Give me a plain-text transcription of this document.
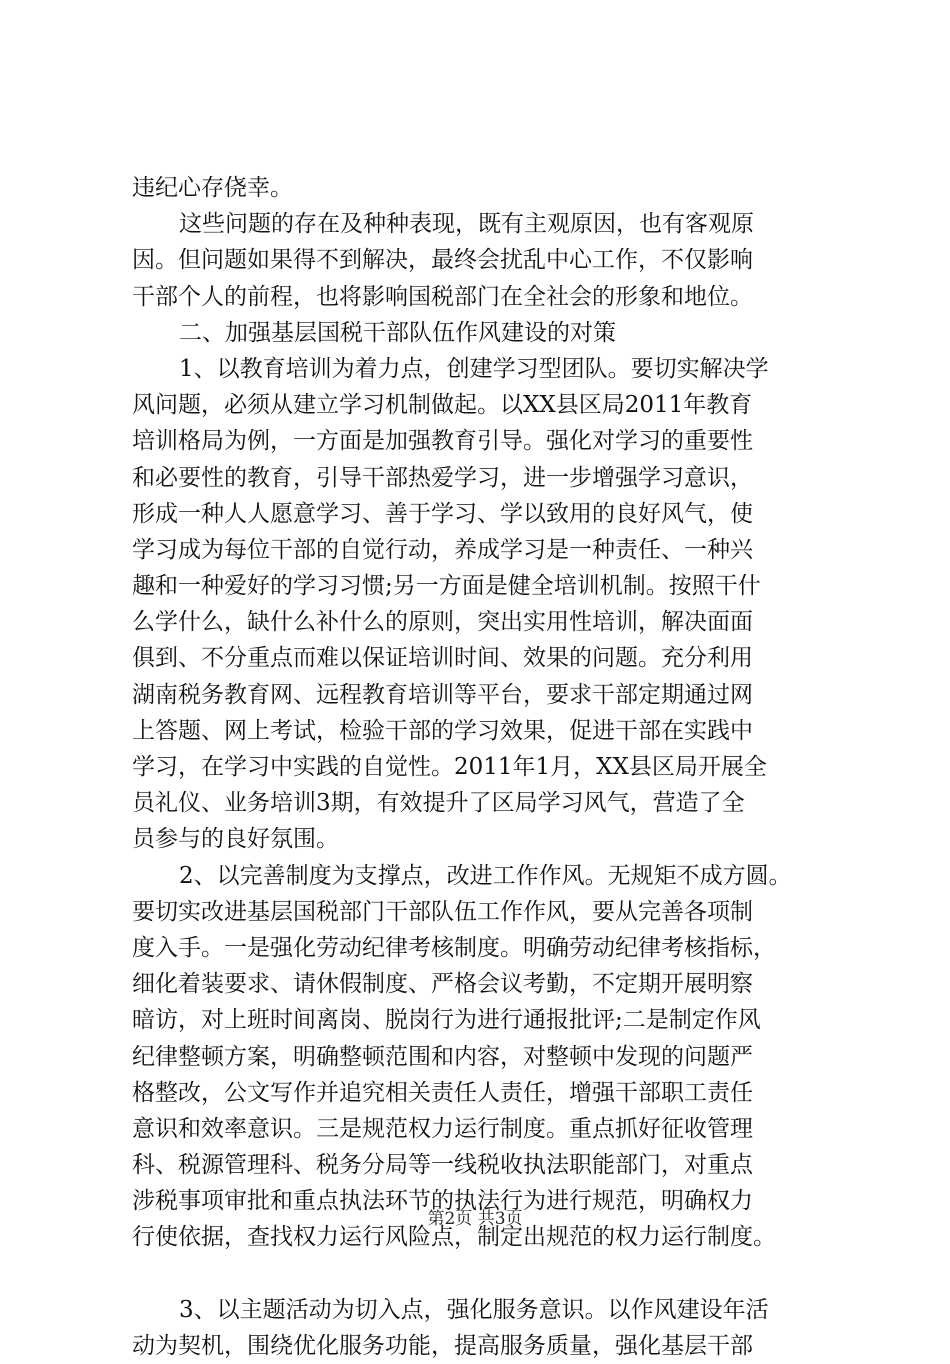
违纪心存侥幸。
这些问题的存在及种种表现，既有主观原因，也有客观原
因。但问题如果得不到解决，最终会扰乱中心工作，不仅影响
干部个人的前程，也将影响国税部门在全社会的形象和地位。
二、加强基层国税干部队伍作风建设的对策
1、以教育培训为着力点，创建学习型团队。要切实解决学
风问题，必须从建立学习机制做起。以XX县区局2011年教育
培训格局为例，一方面是加强教育引导。强化对学习的重要性
和必要性的教育，引导干部热爱学习，进一步增强学习意识，
形成一种人人愿意学习、善于学习、学以致用的良好风气，使
学习成为每位干部的自觉行动，养成学习是一种责任、一种兴
趣和一种爱好的学习习惯;另一方面是健全培训机制。按照干什
么学什么，缺什么补什么的原则，突出实用性培训，解决面面
俱到、不分重点而难以保证培训时间、效果的问题。充分利用
湖南税务教育网、远程教育培训等平台，要求干部定期通过网
上答题、网上考试，检验干部的学习效果，促进干部在实践中
学习，在学习中实践的自觉性。2011年1月，XX县区局开展全
员礼仪、业务培训3期，有效提升了区局学习风气，营造了全
员参与的良好氛围。
2、以完善制度为支撑点，改进工作作风。无规矩不成方圆。
要切实改进基层国税部门干部队伍工作作风，要从完善各项制
度入手。一是强化劳动纪律考核制度。明确劳动纪律考核指标，
细化着装要求、请休假制度、严格会议考勤，不定期开展明察
暗访，对上班时间离岗、脱岗行为进行通报批评;二是制定作风
纪律整顿方案，明确整顿范围和内容，对整顿中发现的问题严
格整改，公文写作并追究相关责任人责任，增强干部职工责任
意识和效率意识。三是规范权力运行制度。重点抓好征收管理
科、税源管理科、税务分局等一线税收执法职能部门，对重点
涉税事项审批和重点执法环节的执法行为进行规范，明确权力
行使依据，查找权力运行风险点，制定出规范的权力运行制度。
3、以主题活动为切入点，强化服务意识。以作风建设年活
动为契机，围绕优化服务功能，提高服务质量，强化基层干部
第2页 共3页
